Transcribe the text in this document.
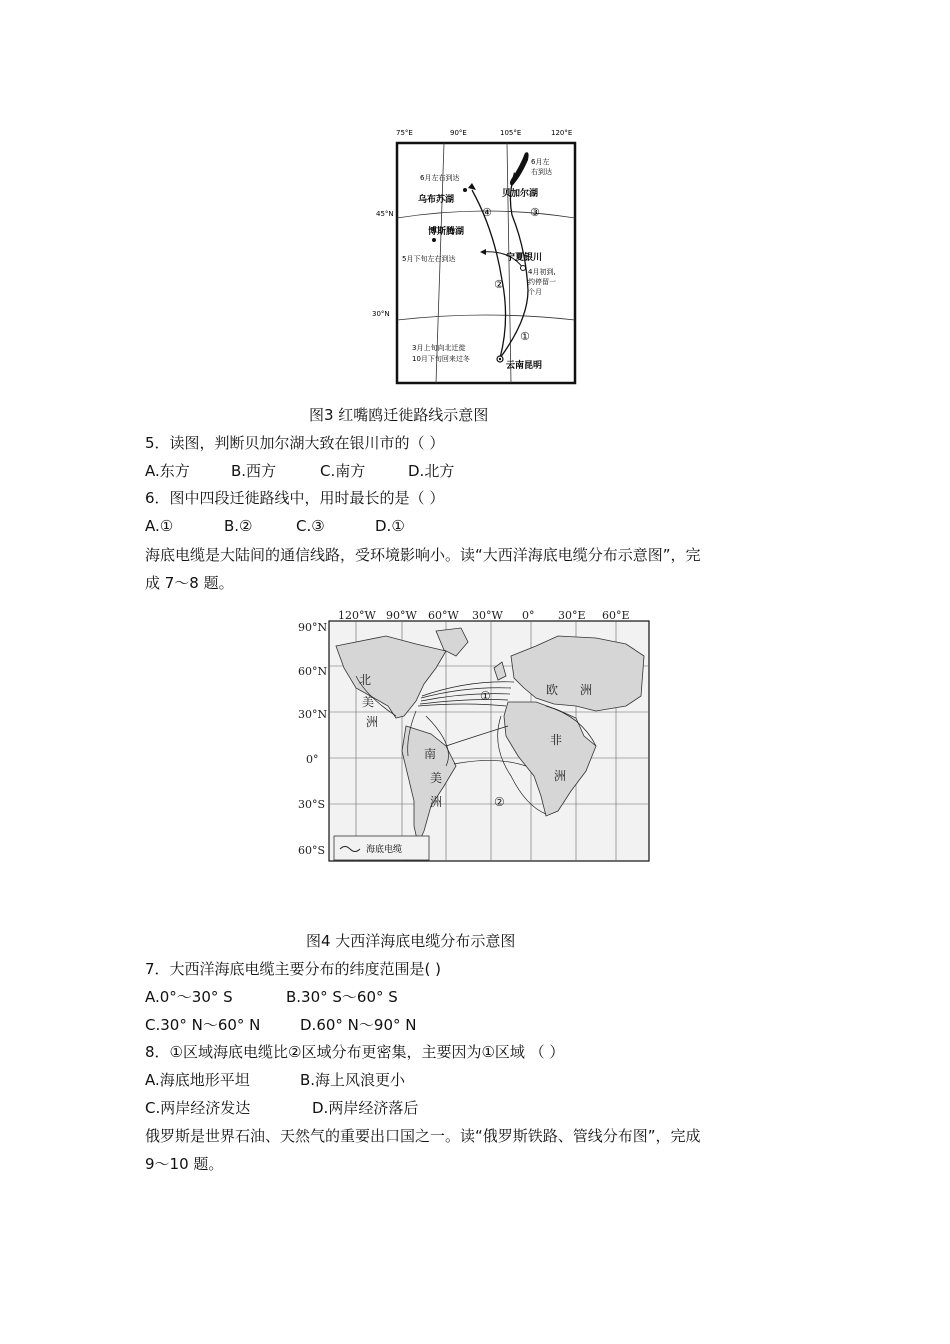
75°E	90°E	105°E	120°E
45°N
30°N
乌布苏湖
贝加尔湖
博斯腾湖
宁夏银川
云南昆明
6月左右到达
6月左
右到达
5月下旬左右到达
4月初到,
约停留一
个月
3月上旬向北迁徙
10月下旬回来过冬
①
②
③
④
图3 红嘴鸥迁徙路线示意图
5．读图，判断贝加尔湖大致在银川市的（ ）
A.东方	B.西方	C.南方	D.北方
6．图中四段迁徙路线中，用时最长的是（ ）
A.①	B.②	C.③	D.①
海底电缆是大陆间的通信线路，受环境影响小。读“大西洋海底电缆分布示意图”，完
成 7～8 题。
①
②
北
美
洲
南
美
洲
欧 洲
非
洲
海底电缆
120°W 90°W 60°W 30°W 0° 30°E 60°E
90°N
60°N
30°N
0°
30°S
60°S
图4 大西洋海底电缆分布示意图
7．大西洋海底电缆主要分布的纬度范围是( )
A.0°～30° S	B.30° S～60° S
C.30° N～60° N	D.60° N～90° N
8．①区域海底电缆比②区域分布更密集，主要因为①区域 （ ）
A.海底地形平坦	B.海上风浪更小
C.两岸经济发达	D.两岸经济落后
俄罗斯是世界石油、天然气的重要出口国之一。读“俄罗斯铁路、管线分布图”，完成
9～10 题。
